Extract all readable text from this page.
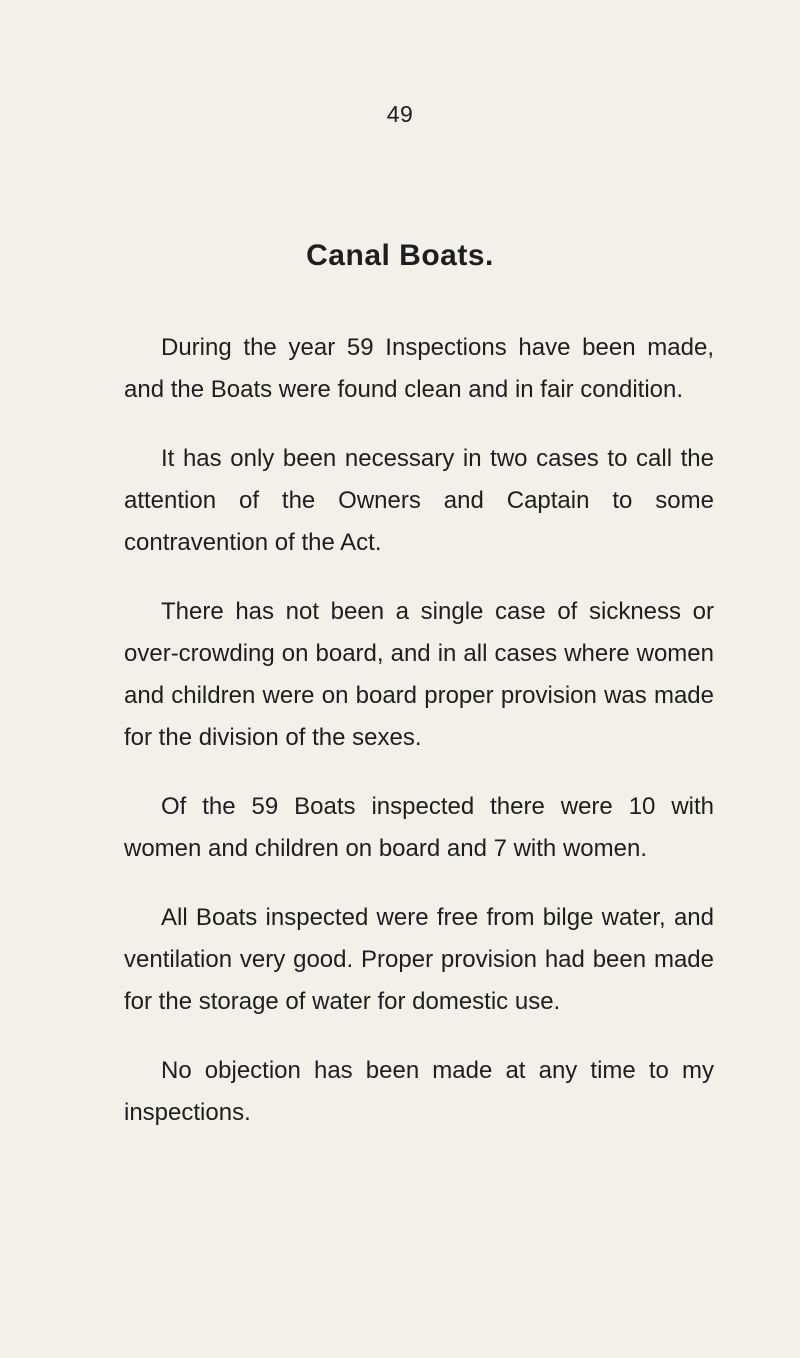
49
Canal Boats.

During the year 59 Inspections have been made, and the Boats were found clean and in fair condition.

It has only been necessary in two cases to call the attention of the Owners and Captain to some contravention of the Act.

There has not been a single case of sickness or over-crowding on board, and in all cases where women and children were on board proper provision was made for the division of the sexes.

Of the 59 Boats inspected there were 10 with women and children on board and 7 with women.

All Boats inspected were free from bilge water, and ventilation very good. Proper provision had been made for the storage of water for domestic use.

No objection has been made at any time to my inspections.
